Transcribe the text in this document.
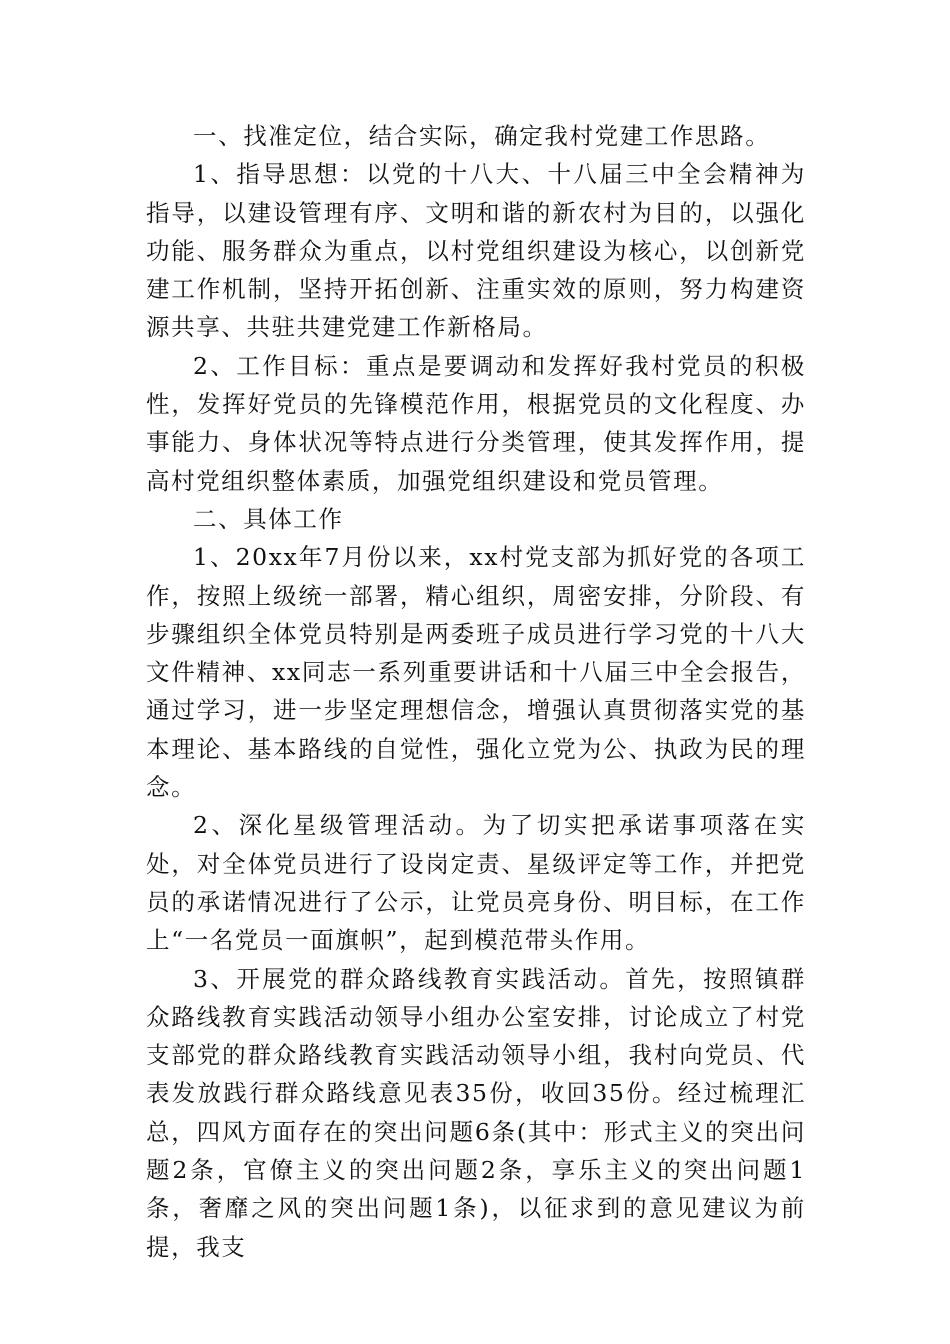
一、找准定位，结合实际，确定我村党建工作思路。

1、指导思想：以党的十八大、十八届三中全会精神为指导，以建设管理有序、文明和谐的新农村为目的，以强化功能、服务群众为重点，以村党组织建设为核心，以创新党建工作机制，坚持开拓创新、注重实效的原则，努力构建资源共享、共驻共建党建工作新格局。

2、工作目标：重点是要调动和发挥好我村党员的积极性，发挥好党员的先锋模范作用，根据党员的文化程度、办事能力、身体状况等特点进行分类管理，使其发挥作用，提高村党组织整体素质，加强党组织建设和党员管理。

二、具体工作

1、20xx年7月份以来，xx村党支部为抓好党的各项工作，按照上级统一部署，精心组织，周密安排，分阶段、有步骤组织全体党员特别是两委班子成员进行学习党的十八大文件精神、xx同志一系列重要讲话和十八届三中全会报告，通过学习，进一步坚定理想信念，增强认真贯彻落实党的基本理论、基本路线的自觉性，强化立党为公、执政为民的理念。

2、深化星级管理活动。为了切实把承诺事项落在实处，对全体党员进行了设岗定责、星级评定等工作，并把党员的承诺情况进行了公示，让党员亮身份、明目标，在工作上“一名党员一面旗帜”，起到模范带头作用。

3、开展党的群众路线教育实践活动。首先，按照镇群众路线教育实践活动领导小组办公室安排，讨论成立了村党支部党的群众路线教育实践活动领导小组，我村向党员、代表发放践行群众路线意见表35份，收回35份。经过梳理汇总，四风方面存在的突出问题6条(其中：形式主义的突出问题2条，官僚主义的突出问题2条，享乐主义的突出问题1条，奢靡之风的突出问题1条)，以征求到的意见建议为前提，我支
